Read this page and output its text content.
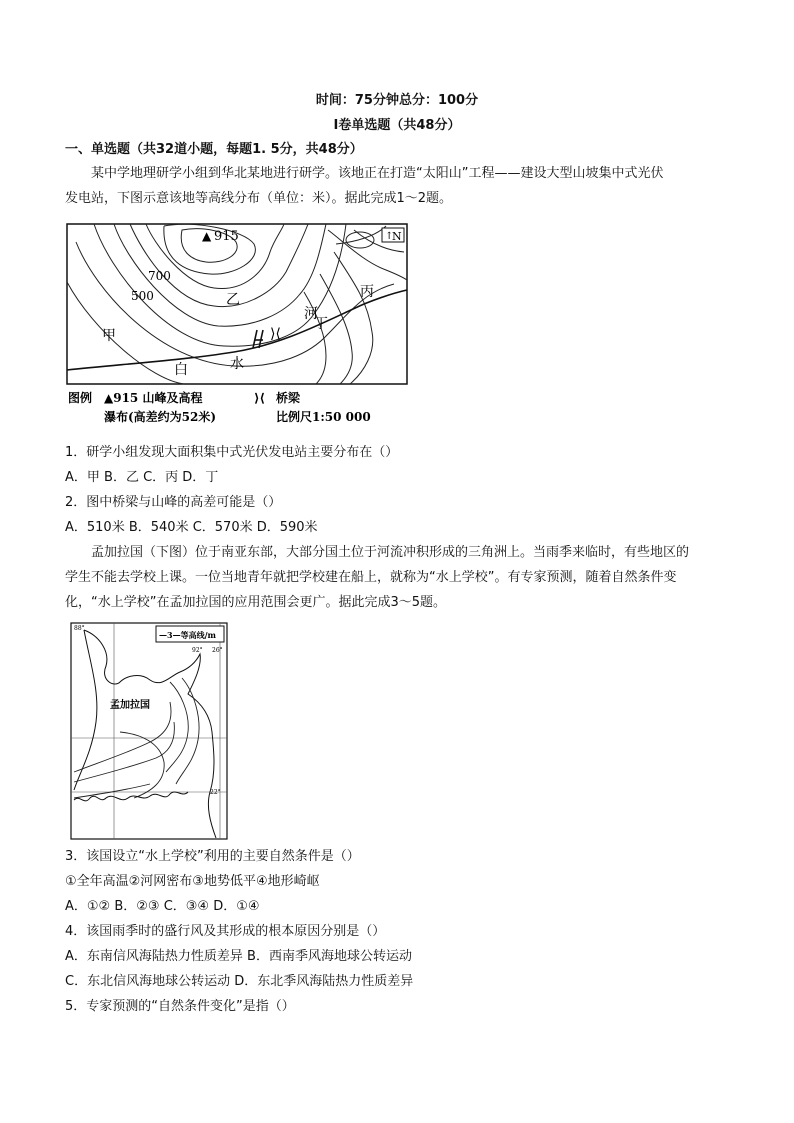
时间：75分钟总分：100分
I卷单选题（共48分）
一、单选题（共32道小题，每题1. 5分，共48分）
某中学地理研学小组到华北某地进行研学。该地正在打造“太阳山”工程——建设大型山坡集中式光伏
发电站，下图示意该地等高线分布（单位：米）。据此完成1～2题。
▲ 915
700
500
↑
N
⟩⟨
甲
乙	丙
丁
白	水
河
图例 ▲915 山峰及高程	⟩⟨ 桥梁
瀑布(高差约为52米)	比例尺1:50 000
1．研学小组发现大面积集中式光伏发电站主要分布在（）
A．甲 B．乙 C．丙 D．丁
2．图中桥梁与山峰的高差可能是（）
A．510米 B．540米 C．570米 D．590米
孟加拉国（下图）位于南亚东部，大部分国土位于河流冲积形成的三角洲上。当雨季来临时，有些地区的
学生不能去学校上课。一位当地青年就把学校建在船上，就称为“水上学校”。有专家预测，随着自然条件变
化，“水上学校”在孟加拉国的应用范围会更广。据此完成3～5题。
—3—等高线/m
92° 26°
88°
22°
孟加拉国
3．该国设立“水上学校”利用的主要自然条件是（）
①全年高温②河网密布③地势低平④地形崎岖
A．①② B．②③ C．③④ D．①④
4．该国雨季时的盛行风及其形成的根本原因分别是（）
A．东南信风海陆热力性质差异 B．西南季风海地球公转运动
C．东北信风海地球公转运动 D．东北季风海陆热力性质差异
5．专家预测的“自然条件变化”是指（）
